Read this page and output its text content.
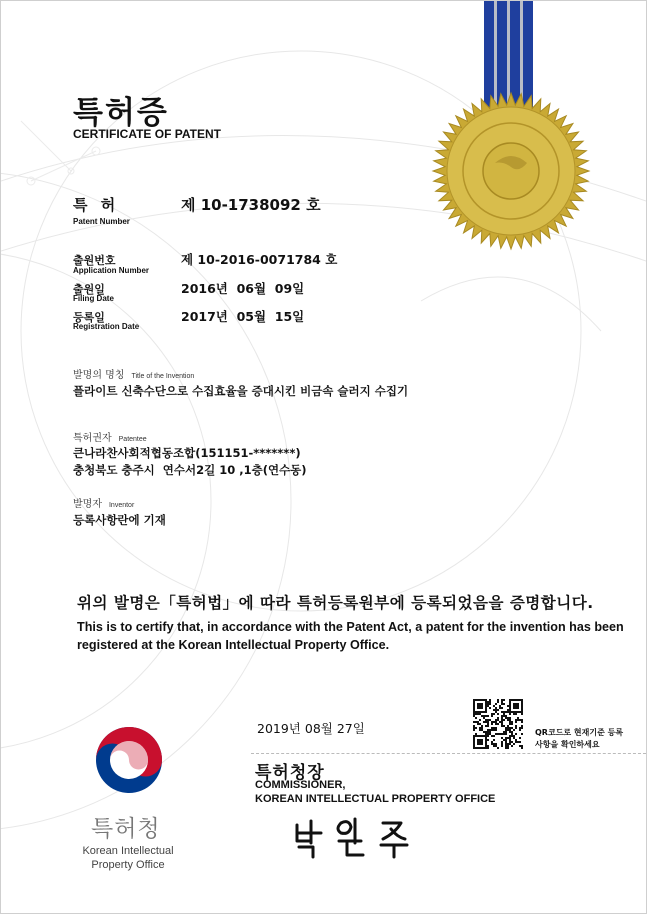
특허증
CERTIFICATE OF PATENT
특 허
Patent Number
제 10-1738092 호
출원번호
Application Number
제 10-2016-0071784 호
출원일
Filing Date
2016년  06월  09일
등록일
Registration Date
2017년  05월  15일
발명의 명칭 Title of the Invention
플라이트 신축수단으로 수집효율을 증대시킨 비금속 슬러지 수집기
특허권자 Patentee
큰나라찬사회적협동조합(151151-*******)
충청북도 충주시  연수서2길 10 ,1층(연수동)
발명자 Inventor
등록사항란에 기재
위의 발명은「특허법」에 따라 특허등록원부에 등록되었음을 증명합니다.
This is to certify that, in accordance with the Patent Act, a patent for the invention has been registered at the Korean Intellectual Property Office.
2019년 08월 27일	QR코드로 현재기준 등록사항을 확인하세요
특허청장
COMMISSIONER,
KOREAN INTELLECTUAL PROPERTY OFFICE
특허청
Korean Intellectual Property Office
